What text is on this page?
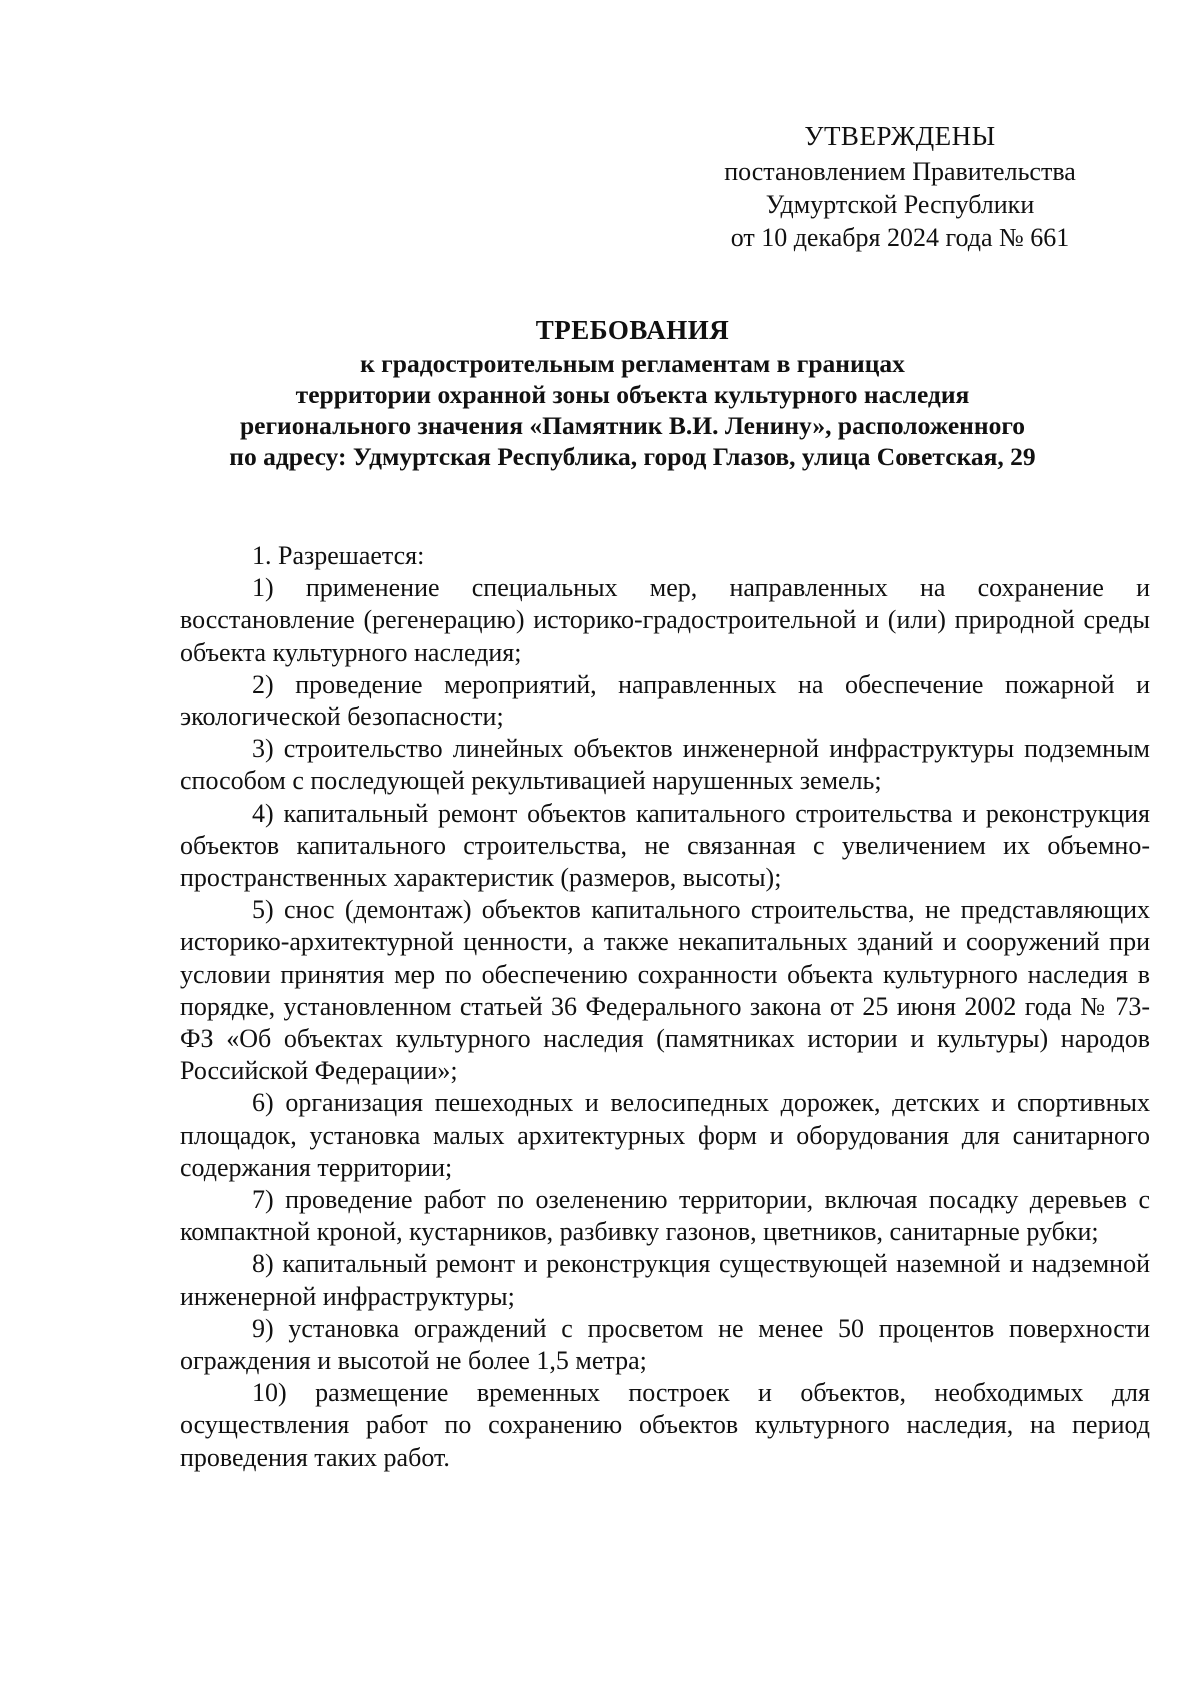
УТВЕРЖДЕНЫ
постановлением Правительства
Удмуртской Республики
от 10 декабря 2024 года № 661
ТРЕБОВАНИЯ
к градостроительным регламентам в границах
территории охранной зоны объекта культурного наследия
регионального значения «Памятник В.И. Ленину», расположенного
по адресу: Удмуртская Республика, город Глазов, улица Советская, 29

1. Разрешается:

1) применение специальных мер, направленных на сохранение и восстановление (регенерацию) историко-градостроительной и (или) природной среды объекта культурного наследия;

2) проведение мероприятий, направленных на обеспечение пожарной и экологической безопасности;

3) строительство линейных объектов инженерной инфраструктуры подземным способом с последующей рекультивацией нарушенных земель;

4) капитальный ремонт объектов капитального строительства и реконструкция объектов капитального строительства, не связанная с увеличением их объемно-пространственных характеристик (размеров, высоты);

5) снос (демонтаж) объектов капитального строительства, не представляющих историко-архитектурной ценности, а также некапитальных зданий и сооружений при условии принятия мер по обеспечению сохранности объекта культурного наследия в порядке, установленном статьей 36 Федерального закона от 25 июня 2002 года № 73-ФЗ «Об объектах культурного наследия (памятниках истории и культуры) народов Российской Федерации»;

6) организация пешеходных и велосипедных дорожек, детских и спортивных площадок, установка малых архитектурных форм и оборудования для санитарного содержания территории;

7) проведение работ по озеленению территории, включая посадку деревьев с компактной кроной, кустарников, разбивку газонов, цветников, санитарные рубки;

8) капитальный ремонт и реконструкция существующей наземной и надземной инженерной инфраструктуры;

9) установка ограждений с просветом не менее 50 процентов поверхности ограждения и высотой не более 1,5 метра;

10) размещение временных построек и объектов, необходимых для осуществления работ по сохранению объектов культурного наследия, на период проведения таких работ.
